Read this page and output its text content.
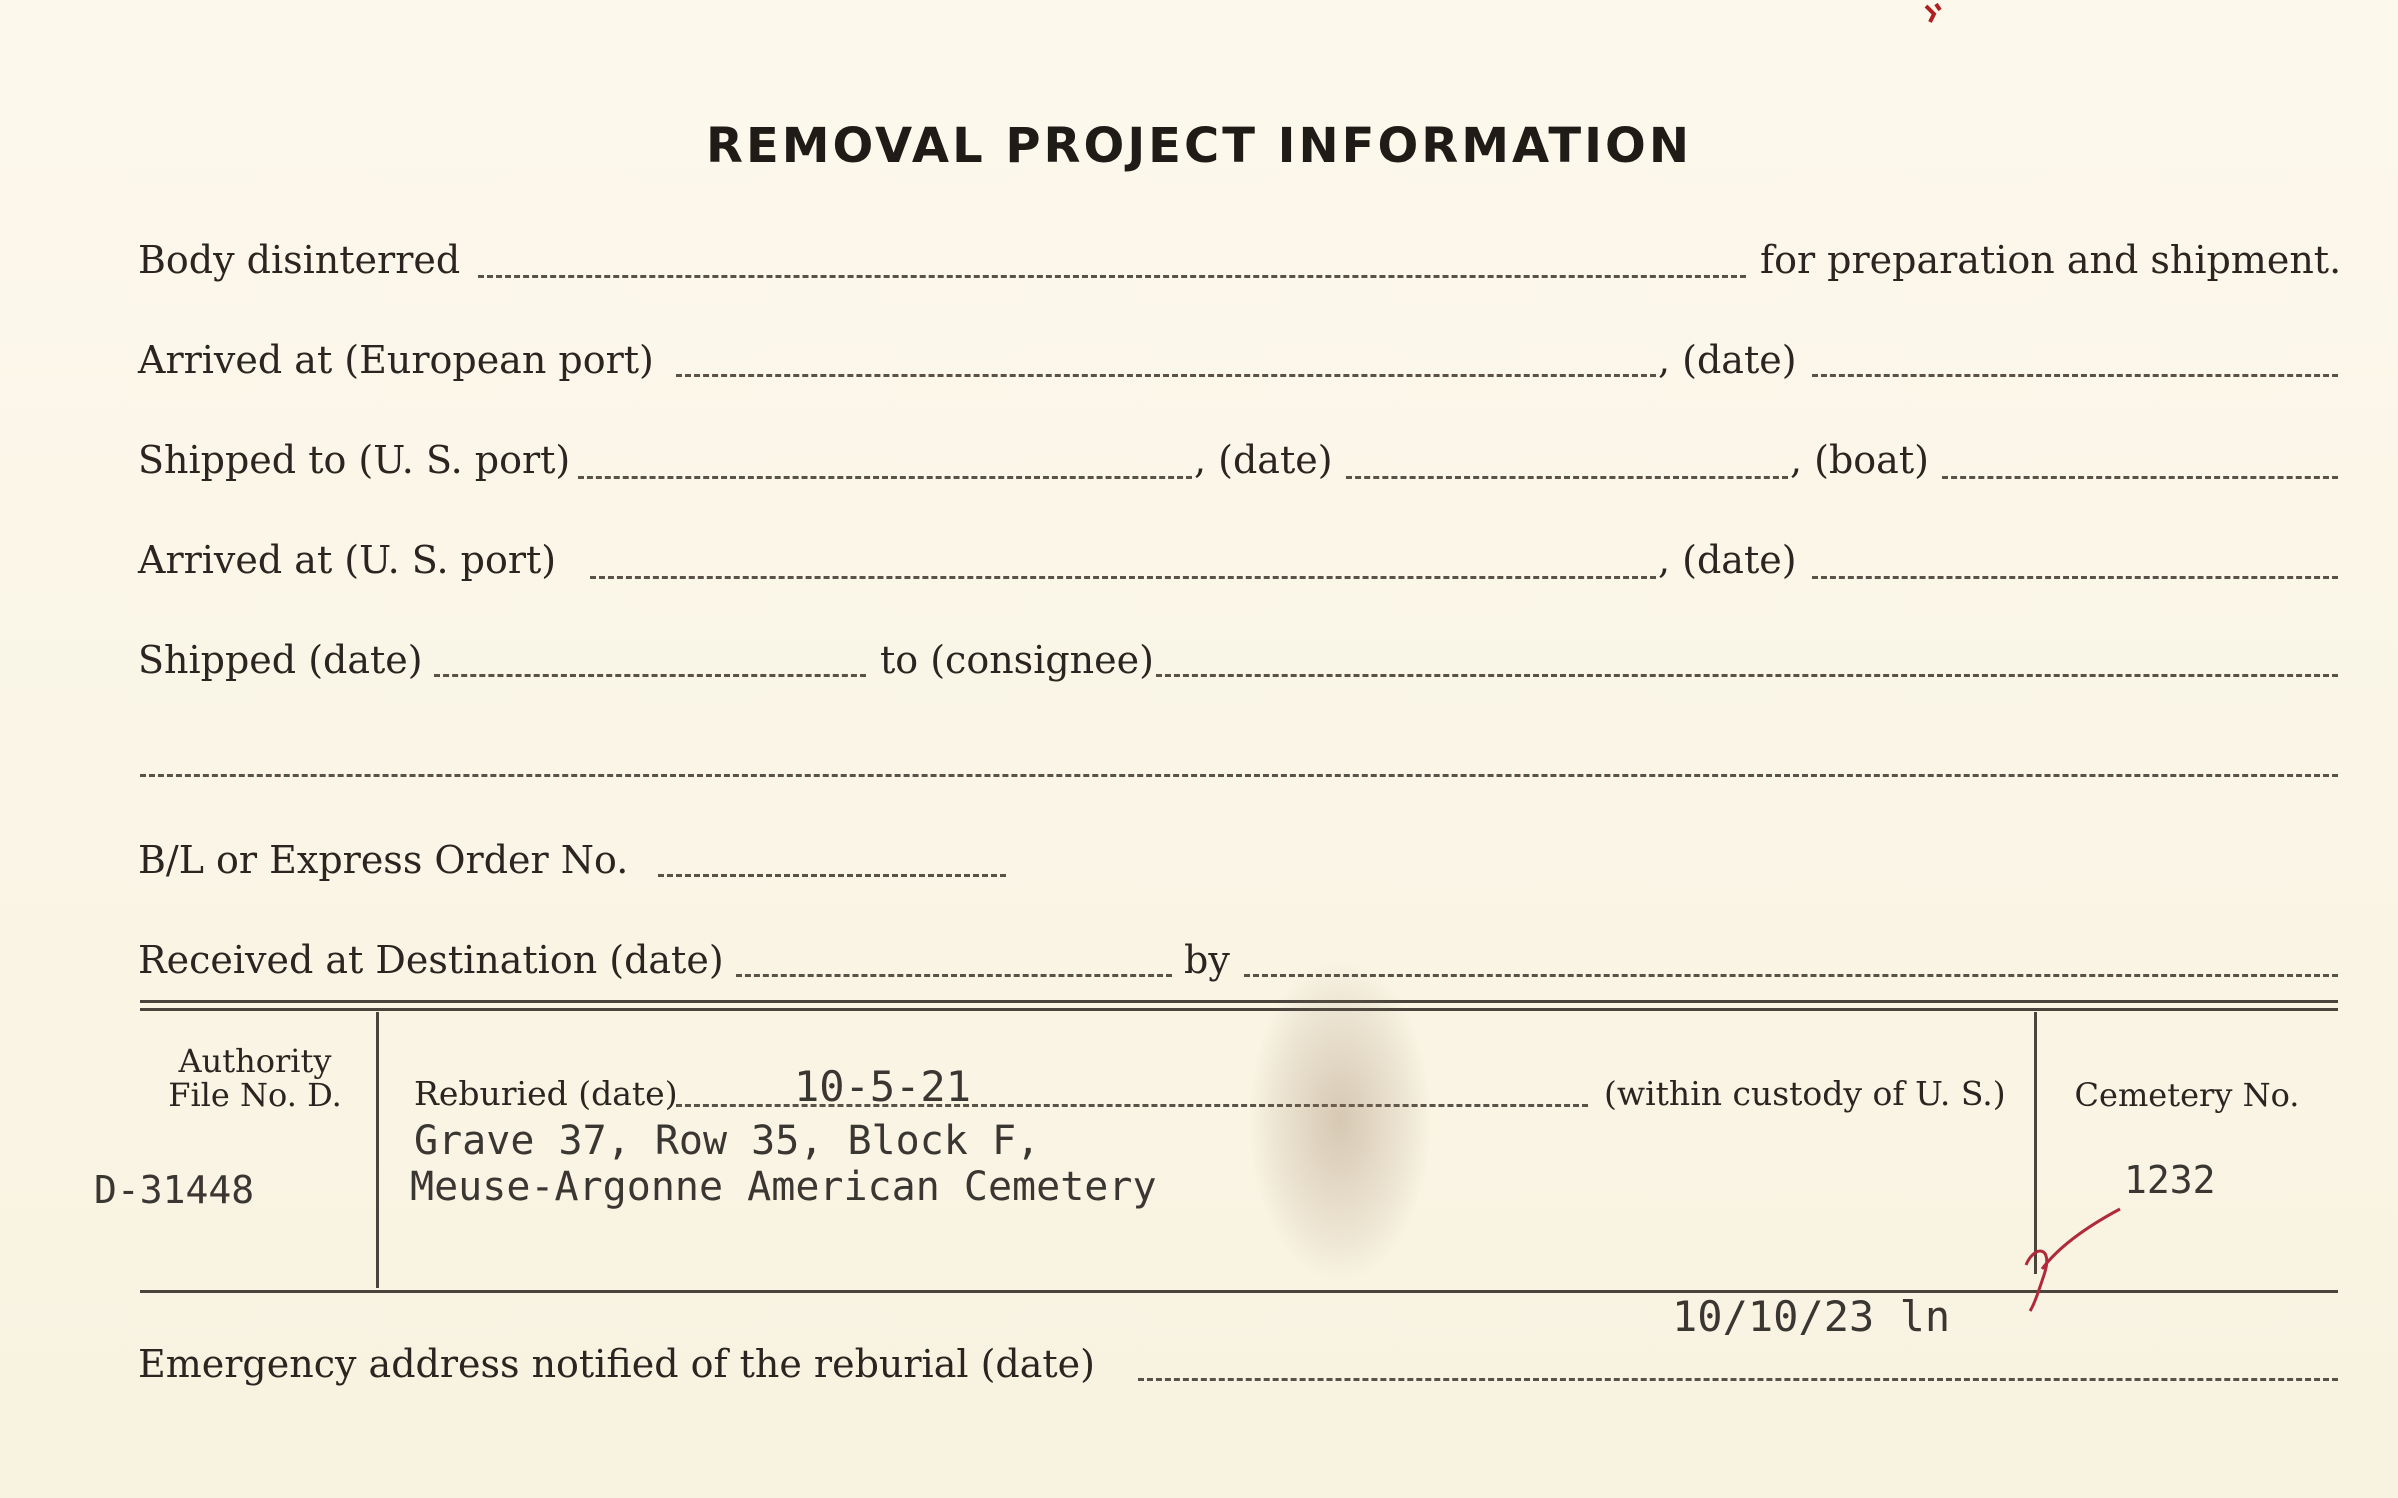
REMOVAL PROJECT INFORMATION
Body disinterred	for preparation and shipment.
Arrived at (European port)	, (date)
Shipped to (U. S. port)	, (date)	, (boat)
Arrived at (U. S. port)	, (date)
Shipped (date)	to (consignee)
B/L or Express Order No.
Received at Destination (date)	by
Authority
File No. D.
D-31448
Reburied (date)	10-5-21	(within custody of U. S.)
Grave 37, Row 35, Block F,
Meuse-Argonne American Cemetery
Cemetery No.
1232
10/10/23 ln
Emergency address notified of the reburial (date)
